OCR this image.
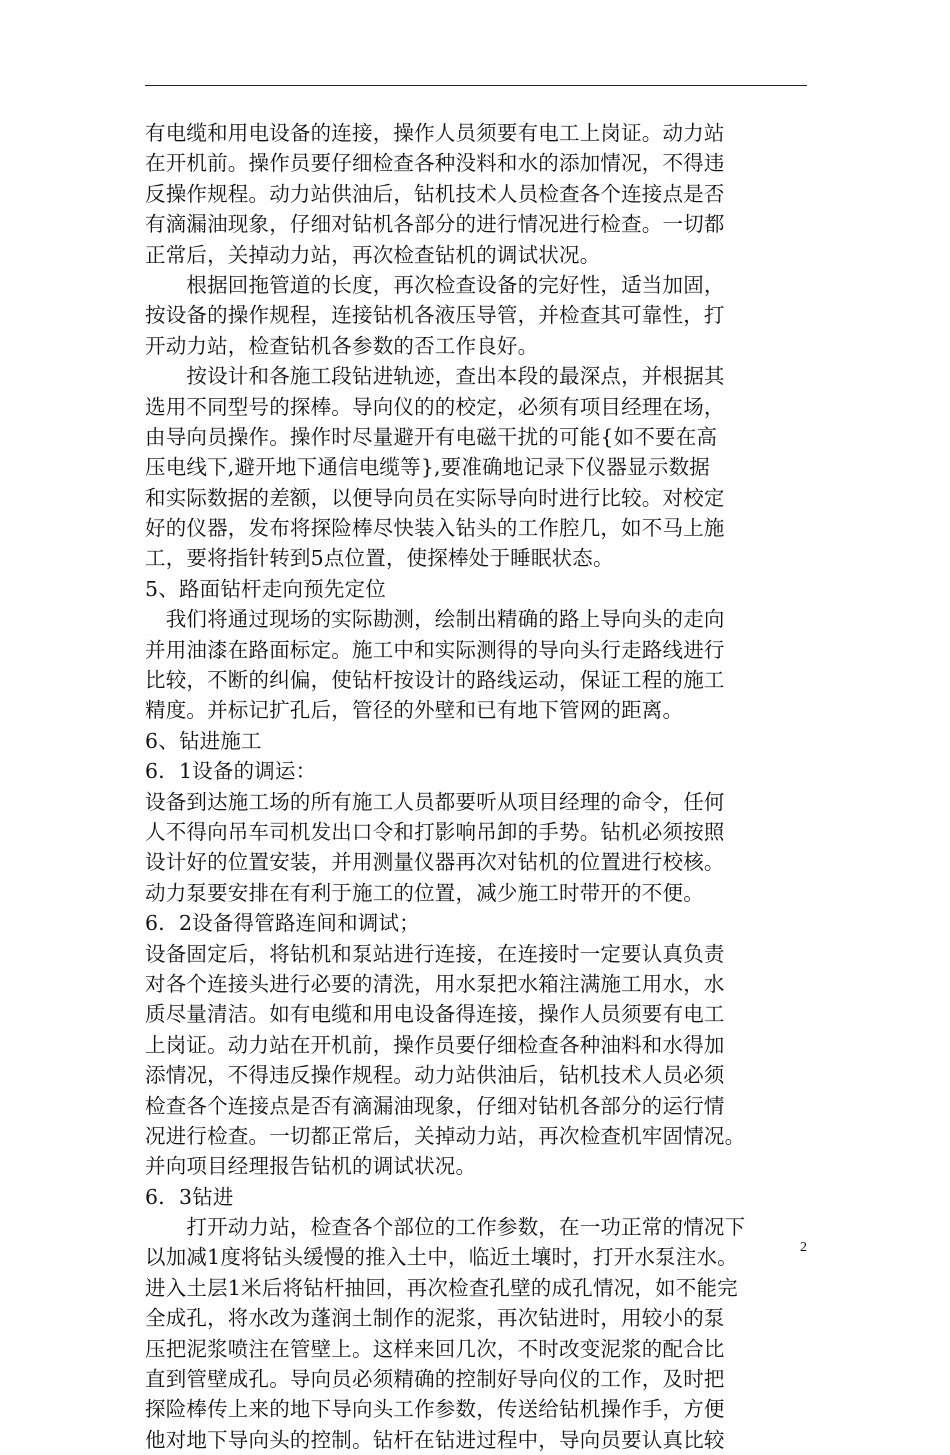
有电缆和用电设备的连接，操作人员须要有电工上岗证。动力站
在开机前。操作员要仔细检查各种没料和水的添加情况，不得违
反操作规程。动力站供油后，钻机技术人员检查各个连接点是否
有滴漏油现象，仔细对钻机各部分的进行情况进行检查。一切都
正常后，关掉动力站，再次检查钻机的调试状况。
　　根据回拖管道的长度，再次检查设备的完好性，适当加固，
按设备的操作规程，连接钻机各液压导管，并检查其可靠性，打
开动力站，检查钻机各参数的否工作良好。
　　按设计和各施工段钻进轨迹，查出本段的最深点，并根据其
选用不同型号的探棒。导向仪的的校定，必须有项目经理在场，
由导向员操作。操作时尽量避开有电磁干扰的可能{如不要在高
压电线下,避开地下通信电缆等},要准确地记录下仪器显示数据
和实际数据的差额，以便导向员在实际导向时进行比较。对校定
好的仪器，发布将探险棒尽快装入钻头的工作腔几，如不马上施
工，要将指针转到5点位置，使探棒处于睡眠状态。
5、路面钻杆走向预先定位
　我们将通过现场的实际勘测，绘制出精确的路上导向头的走向
并用油漆在路面标定。施工中和实际测得的导向头行走路线进行
比较，不断的纠偏，使钻杆按设计的路线运动，保证工程的施工
精度。并标记扩孔后，管径的外壁和已有地下管网的距离。
6、钻进施工
6．1设备的调运：
设备到达施工场的所有施工人员都要听从项目经理的命令，任何
人不得向吊车司机发出口令和打影响吊卸的手势。钻机必须按照
设计好的位置安装，并用测量仪器再次对钻机的位置进行校核。
动力泵要安排在有利于施工的位置，减少施工时带开的不便。
6．2设备得管路连间和调试；
设备固定后，将钻机和泵站进行连接，在连接时一定要认真负责
对各个连接头进行必要的清洗，用水泵把水箱注满施工用水，水
质尽量清洁。如有电缆和用电设备得连接，操作人员须要有电工
上岗证。动力站在开机前，操作员要仔细检查各种油料和水得加
添情况，不得违反操作规程。动力站供油后，钻机技术人员必须
检查各个连接点是否有滴漏油现象，仔细对钻机各部分的运行情
况进行检查。一切都正常后，关掉动力站，再次检查机牢固情况。
并向项目经理报告钻机的调试状况。
6．3钻进
　　打开动力站，检查各个部位的工作参数，在一功正常的情况下
以加减1度将钻头缓慢的推入土中，临近土壤时，打开水泵注水。
进入土层1米后将钻杆抽回，再次检查孔壁的成孔情况，如不能完
全成孔，将水改为蓬润土制作的泥浆，再次钻进时，用较小的泵
压把泥浆喷注在管壁上。这样来回几次，不时改变泥浆的配合比
直到管壁成孔。导向员必须精确的控制好导向仪的工作，及时把
探险棒传上来的地下导向头工作参数，传送给钻机操作手，方便
他对地下导向头的控制。钻杆在钻进过程中，导向员要认真比较
2
